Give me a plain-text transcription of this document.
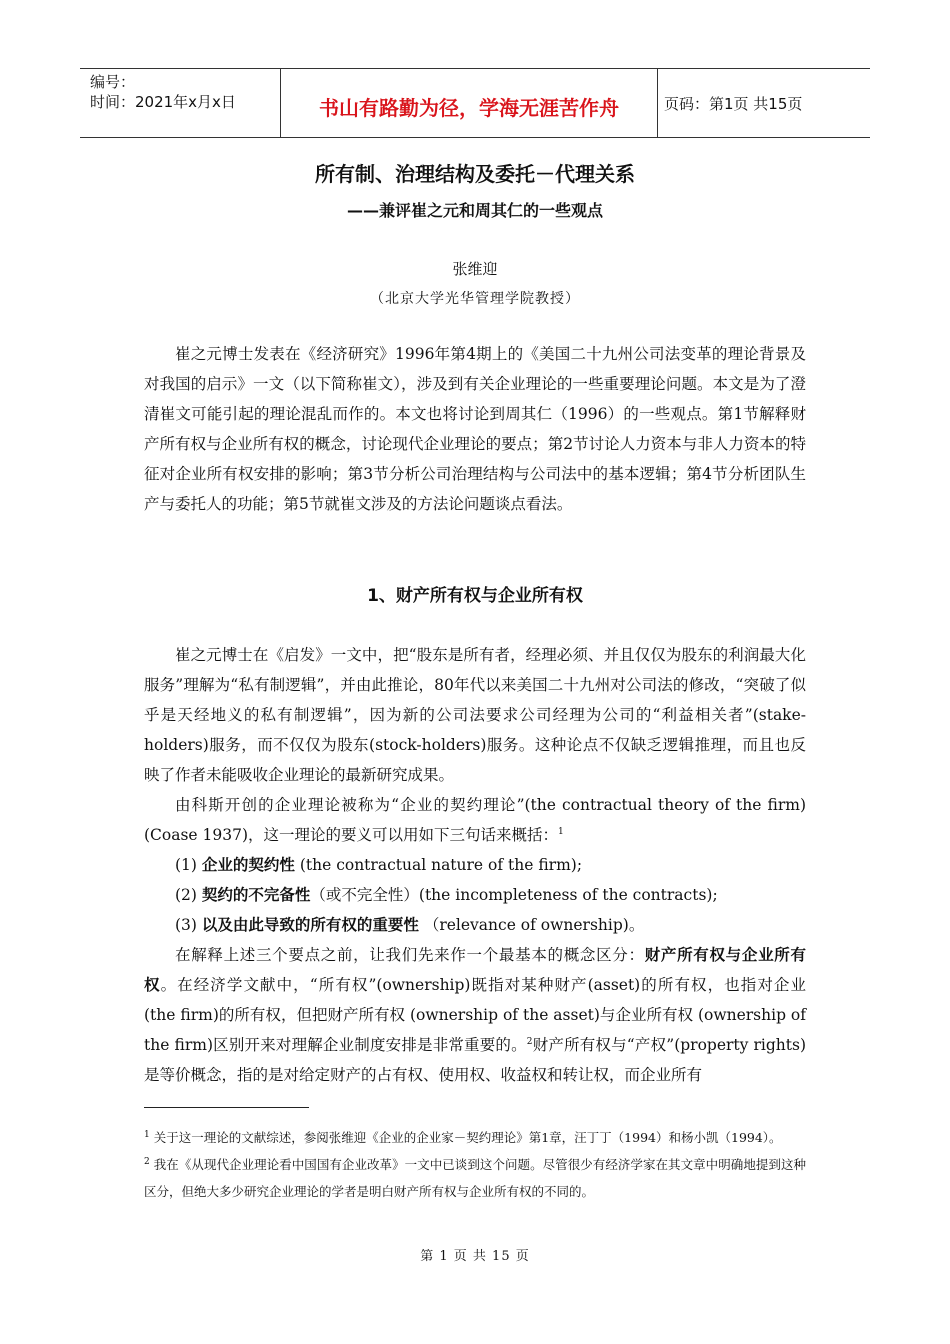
编号：
时间：2021年x月x日	书山有路勤为径，学海无涯苦作舟	页码：第1页 共15页
所有制、治理结构及委托－代理关系
——兼评崔之元和周其仁的一些观点
张维迎
（北京大学光华管理学院教授）

崔之元博士发表在《经济研究》1996年第4期上的《美国二十九州公司法变革的理论背景及对我国的启示》一文（以下简称崔文），涉及到有关企业理论的一些重要理论问题。本文是为了澄清崔文可能引起的理论混乱而作的。本文也将讨论到周其仁（1996）的一些观点。第1节解释财产所有权与企业所有权的概念，讨论现代企业理论的要点；第2节讨论人力资本与非人力资本的特征对企业所有权安排的影响；第3节分析公司治理结构与公司法中的基本逻辑；第4节分析团队生产与委托人的功能；第5节就崔文涉及的方法论问题谈点看法。

1、财产所有权与企业所有权

崔之元博士在《启发》一文中，把“股东是所有者，经理必须、并且仅仅为股东的利润最大化服务”理解为“私有制逻辑”，并由此推论，80年代以来美国二十九州对公司法的修改，“突破了似乎是天经地义的私有制逻辑”，因为新的公司法要求公司经理为公司的“利益相关者”(stake-holders)服务，而不仅仅为股东(stock-holders)服务。这种论点不仅缺乏逻辑推理，而且也反映了作者未能吸收企业理论的最新研究成果。

由科斯开创的企业理论被称为“企业的契约理论”(the contractual theory of the firm)(Coase 1937)，这一理论的要义可以用如下三句话来概括：$^1$

(1) 企业的契约性 (the contractual nature of the firm);

(2) 契约的不完备性（或不完全性）(the incompleteness of the contracts);

(3) 以及由此导致的所有权的重要性 （relevance of ownership)。

在解释上述三个要点之前，让我们先来作一个最基本的概念区分：财产所有权与企业所有权。在经济学文献中，“所有权”(ownership)既指对某种财产(asset)的所有权，也指对企业 (the firm)的所有权，但把财产所有权 (ownership of the asset)与企业所有权 (ownership of the firm)区别开来对理解企业制度安排是非常重要的。$^2$财产所有权与“产权”(property rights)是等价概念，指的是对给定财产的占有权、使用权、收益权和转让权，而企业所有

$^1$ 关于这一理论的文献综述，参阅张维迎《企业的企业家－契约理论》第1章，汪丁丁（1994）和杨小凯（1994）。

$^2$ 我在《从现代企业理论看中国国有企业改革》一文中已谈到这个问题。尽管很少有经济学家在其文章中明确地提到这种区分，但绝大多少研究企业理论的学者是明白财产所有权与企业所有权的不同的。

第 1 页 共 15 页
